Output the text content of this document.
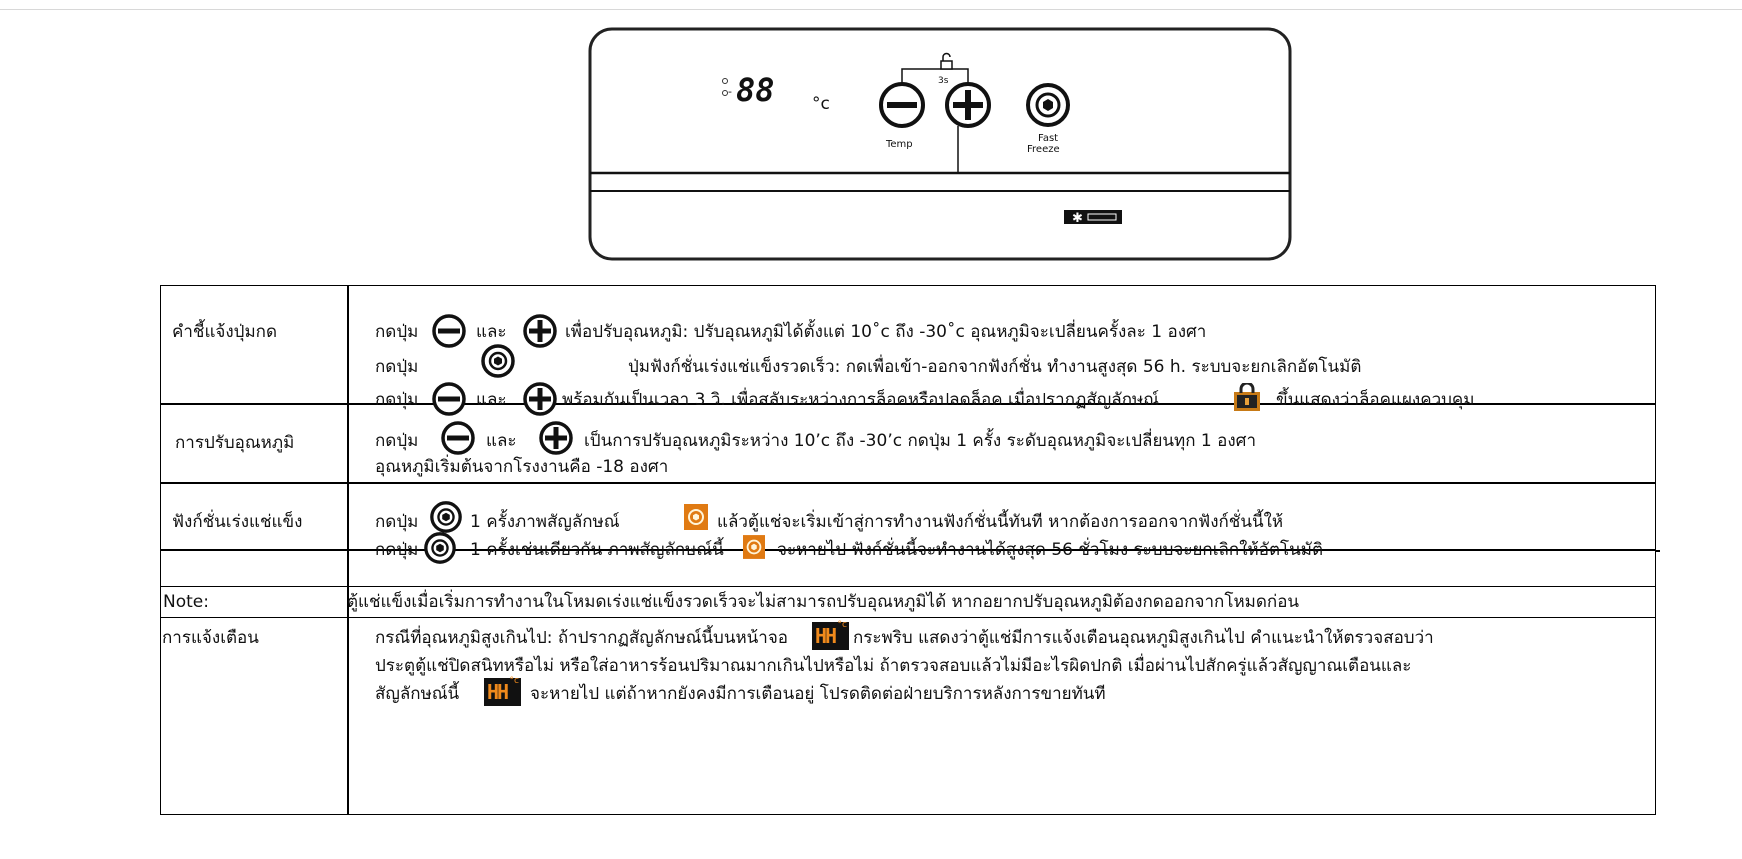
- 88 °c
3s
Temp
Fast
Freeze
✱
คำชี้แจ้งปุ่มกด	กดปุ่ม	และ	เพื่อปรับอุณหภูมิ: ปรับอุณหภูมิได้ตั้งแต่ 10˚c ถึง -30˚c อุณหภูมิจะเปลี่ยนครั้งละ 1 องศา
กดปุ่ม	ปุ่มฟังก์ชั่นเร่งแช่แข็งรวดเร็ว: กดเพื่อเข้า-ออกจากฟังก์ชั่น ทำงานสูงสุด 56 h. ระบบจะยกเลิกอัตโนมัติ
กดปุ่ม	และ	พร้อมกันเป็นเวลา 3 วิ. เพื่อสลับระหว่างการล็อคหรือปลดล็อค เมื่อปรากฏสัญลักษณ์	ขึ้นแสดงว่าล็อคแผงควบคุม
การปรับอุณหภูมิ	กดปุ่ม	และ	เป็นการปรับอุณหภูมิระหว่าง 10’c ถึง -30’c กดปุ่ม 1 ครั้ง ระดับอุณหภูมิจะเปลี่ยนทุก 1 องศา
อุณหภูมิเริ่มต้นจากโรงงานคือ -18 องศา
ฟังก์ชั่นเร่งแช่แข็ง	กดปุ่ม	1 ครั้งภาพสัญลักษณ์	แล้วตู้แช่จะเริ่มเข้าสู่การทำงานฟังก์ชั่นนี้ทันที หากต้องการออกจากฟังก์ชั่นนี้ให้
กดปุ่ม	1 ครั้งเช่นเดียวกัน ภาพสัญลักษณ์นี้	จะหายไป ฟังก์ชั่นนี้จะทำงานได้สูงสุด 56 ชั่วโมง ระบบจะยกเลิกให้อัตโนมัติ
Note:	ตู้แช่แข็งเมื่อเริ่มการทำงานในโหมดเร่งแช่แข็งรวดเร็วจะไม่สามารถปรับอุณหภูมิได้ หากอยากปรับอุณหภูมิต้องกดออกจากโหมดก่อน
การแจ้งเตือน	กรณีที่อุณหภูมิสูงเกินไป: ถ้าปรากฏสัญลักษณ์นี้บนหน้าจอ HH °c
กระพริบ แสดงว่าตู้แช่มีการแจ้งเตือนอุณหภูมิสูงเกินไป คำแนะนำให้ตรวจสอบว่า
ประตูตู้แช่ปิดสนิทหรือไม่ หรือใส่อาหารร้อนปริมาณมากเกินไปหรือไม่ ถ้าตรวจสอบแล้วไม่มีอะไรผิดปกติ เมื่อผ่านไปสักครู่แล้วสัญญาณเตือนและ
สัญลักษณ์นี้ HH °c
จะหายไป แต่ถ้าหากยังคงมีการเตือนอยู่ โปรดติดต่อฝ่ายบริการหลังการขายทันที
